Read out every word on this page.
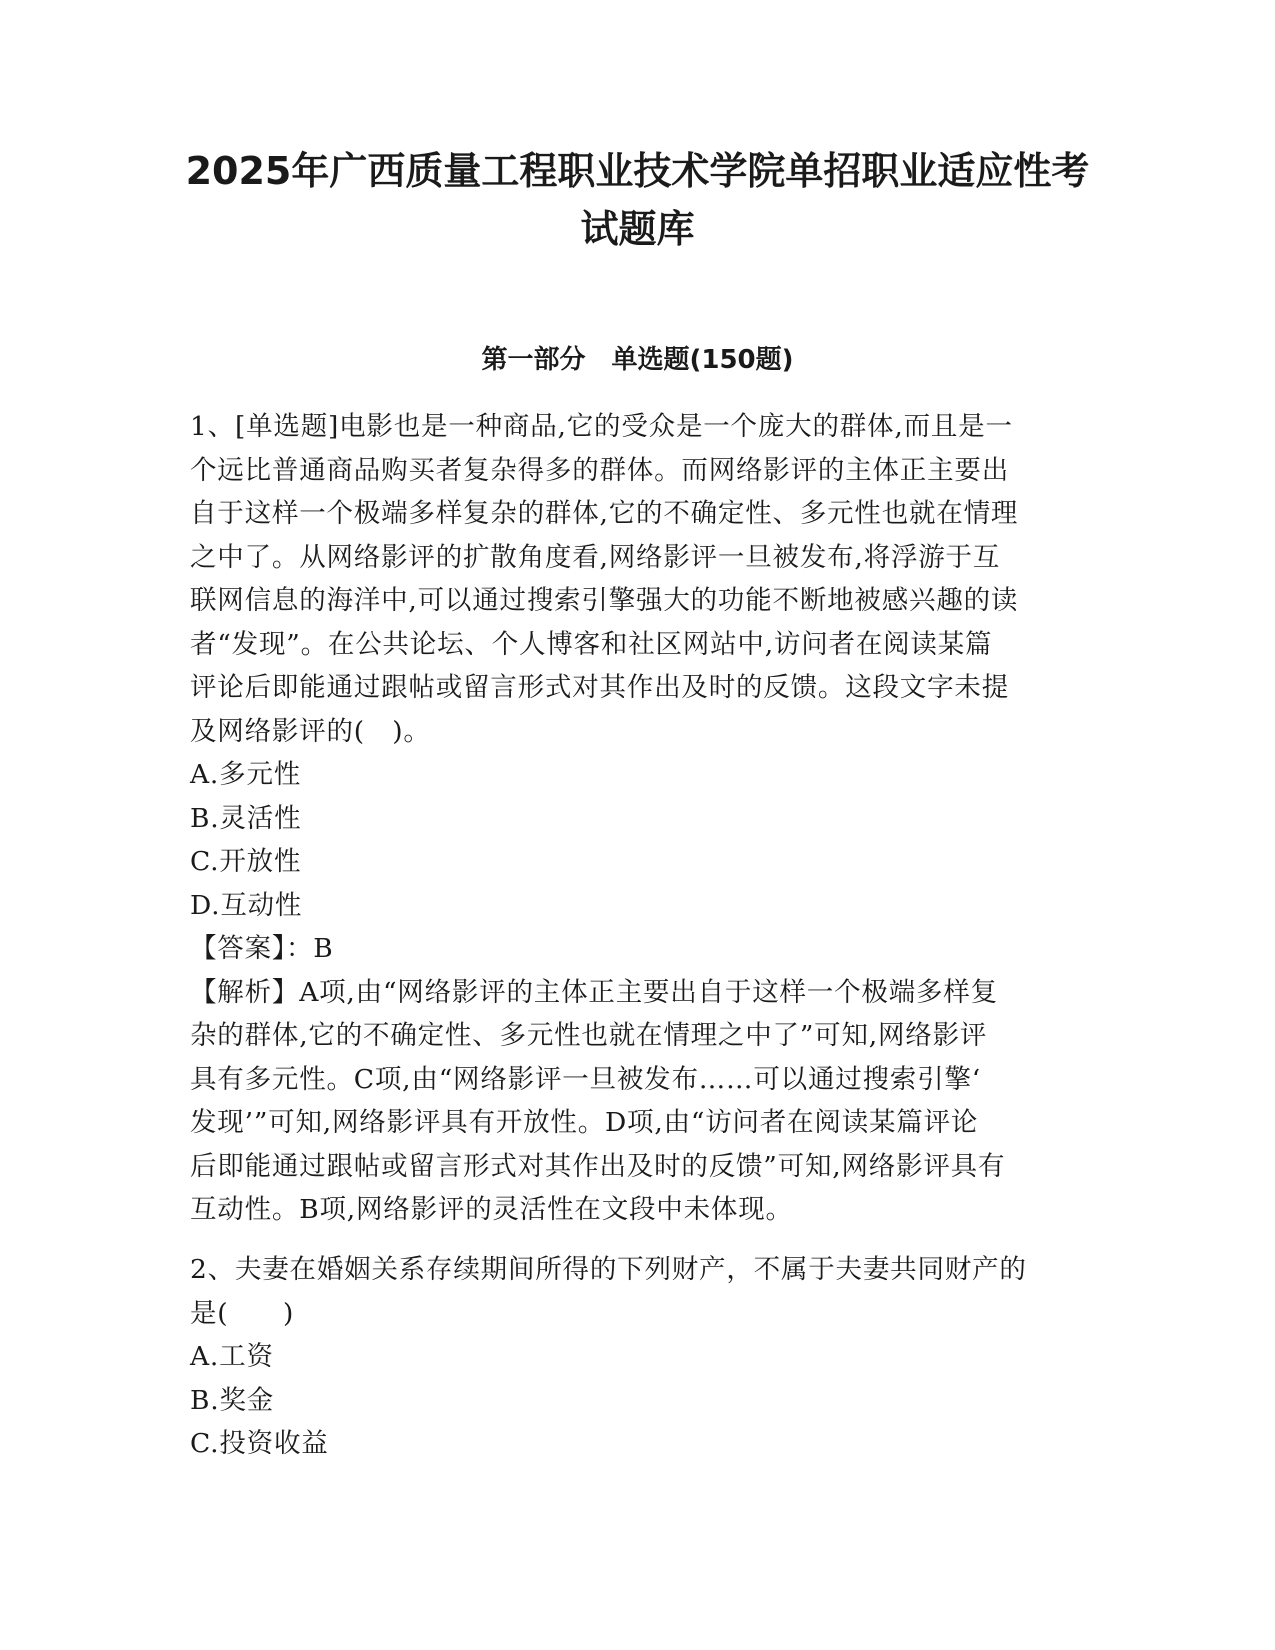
2025年广西质量工程职业技术学院单招职业适应性考
试题库
第一部分　单选题(150题)

1、[单选题]电影也是一种商品,它的受众是一个庞大的群体,而且是一
个远比普通商品购买者复杂得多的群体。而网络影评的主体正主要出
自于这样一个极端多样复杂的群体,它的不确定性、多元性也就在情理
之中了。从网络影评的扩散角度看,网络影评一旦被发布,将浮游于互
联网信息的海洋中,可以通过搜索引擎强大的功能不断地被感兴趣的读
者“发现”。在公共论坛、个人博客和社区网站中,访问者在阅读某篇
评论后即能通过跟帖或留言形式对其作出及时的反馈。这段文字未提
及网络影评的(　)。

A.多元性
B.灵活性
C.开放性
D.互动性
【答案】：B
【解析】A项,由“网络影评的主体正主要出自于这样一个极端多样复
杂的群体,它的不确定性、多元性也就在情理之中了”可知,网络影评
具有多元性。C项,由“网络影评一旦被发布……可以通过搜索引擎‘
发现’”可知,网络影评具有开放性。D项,由“访问者在阅读某篇评论
后即能通过跟帖或留言形式对其作出及时的反馈”可知,网络影评具有
互动性。B项,网络影评的灵活性在文段中未体现。

2、夫妻在婚姻关系存续期间所得的下列财产，不属于夫妻共同财产的
是(　　)

A.工资
B.奖金
C.投资收益
